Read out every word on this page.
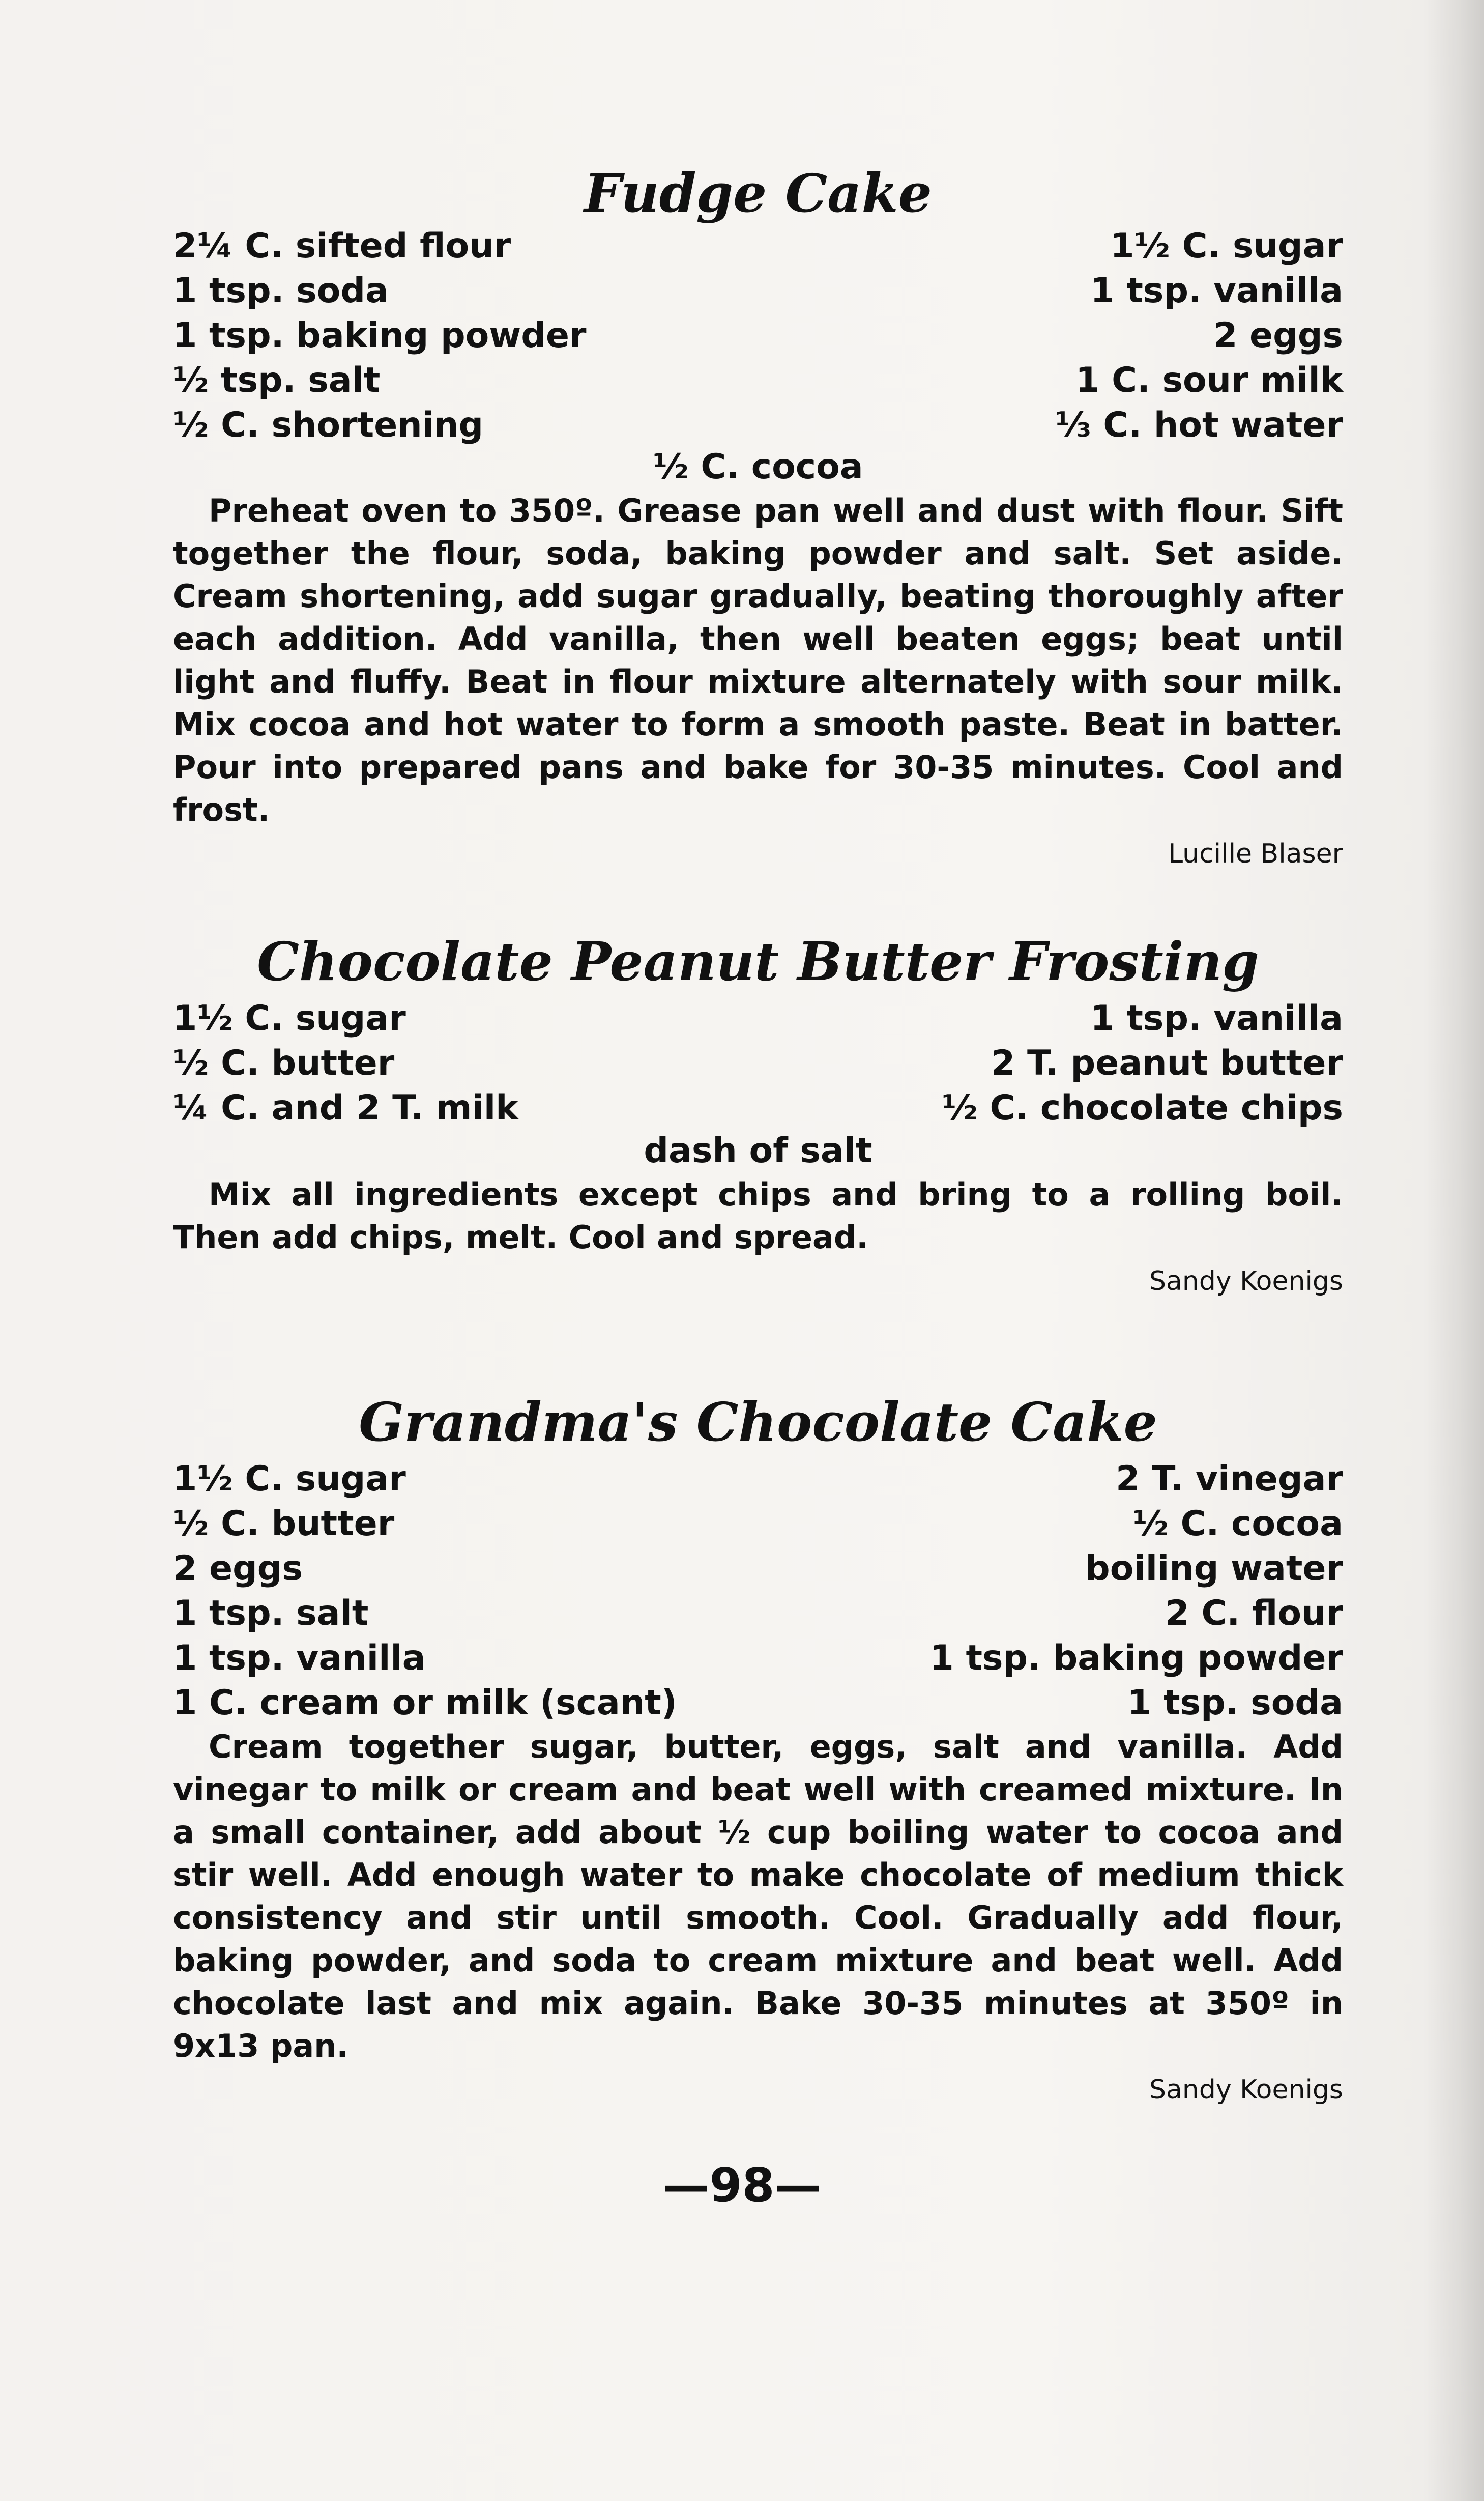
Fudge Cake
2¼ C. sifted flour
1 tsp. soda
1 tsp. baking powder
½ tsp. salt
½ C. shortening
1½ C. sugar
1 tsp. vanilla
2 eggs
1 C. sour milk
⅓ C. hot water
½ C. cocoa

Preheat oven to 350º. Grease pan well and dust with flour. Sift together the flour, soda, baking powder and salt. Set aside. Cream shortening, add sugar gradually, beating thoroughly after each addition. Add vanilla, then well beaten eggs; beat until light and fluffy. Beat in flour mixture alternately with sour milk. Mix cocoa and hot water to form a smooth paste. Beat in batter. Pour into prepared pans and bake for 30-35 minutes. Cool and frost.

Lucille Blaser

Chocolate Peanut Butter Frosting
1½ C. sugar
½ C. butter
¼ C. and 2 T. milk
1 tsp. vanilla
2 T. peanut butter
½ C. chocolate chips
dash of salt

Mix all ingredients except chips and bring to a rolling boil. Then add chips, melt. Cool and spread.

Sandy Koenigs

Grandma's Chocolate Cake
1½ C. sugar
½ C. butter
2 eggs
1 tsp. salt
1 tsp. vanilla
1 C. cream or milk (scant)
2 T. vinegar
½ C. cocoa
boiling water
2 C. flour
1 tsp. baking powder
1 tsp. soda

Cream together sugar, butter, eggs, salt and vanilla. Add vinegar to milk or cream and beat well with creamed mixture. In a small container, add about ½ cup boiling water to cocoa and stir well. Add enough water to make chocolate of medium thick consistency and stir until smooth. Cool. Gradually add flour, baking powder, and soda to cream mixture and beat well. Add chocolate last and mix again. Bake 30-35 minutes at 350º in 9x13 pan.

Sandy Koenigs

—98—
